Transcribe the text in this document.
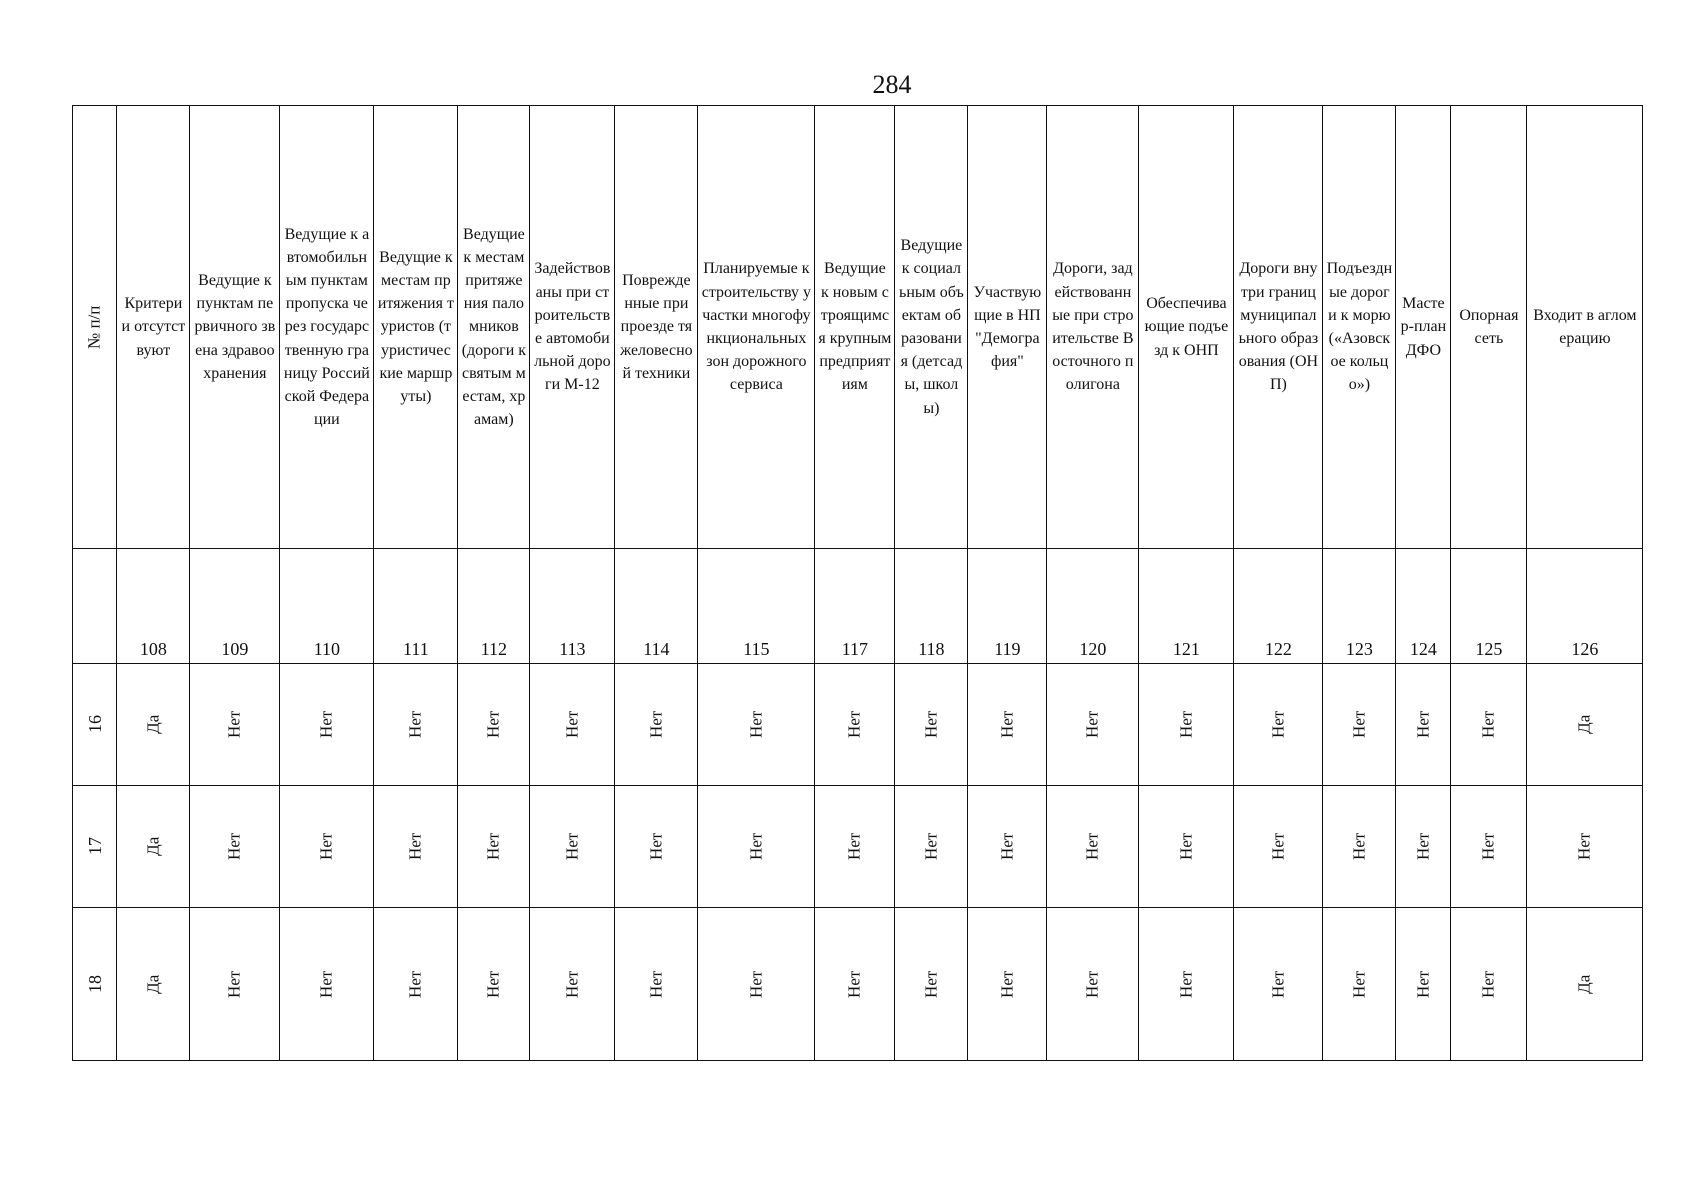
284
№ п/п	Критерии отсутствуют	Ведущие к пунктам первичного звена здравоохранения	Ведущие к автомобильным пунктам пропуска через государственную границу Российской Федерации	Ведущие к местам притяжения туристов (туристические маршруты)	Ведущие к местам притяжения паломников (дороги к святым местам, храмам)	Задействованы при строительстве автомобильной дороги М-12	Поврежденные при проезде тяжеловесной техники	Планируемые к строительству участки многофункциональных зон дорожного сервиса	Ведущие к новым строящимся крупным предприятиям	Ведущие к социальным объектам образования (детсады, школы)	Участвующие в НП "Демография"	Дороги, задействованные при строительстве Восточного полигона	Обеспечивающие подъезд к ОНП	Дороги внутри границ муниципального образования (ОНП)	Подъездные дороги к морю («Азовское кольцо»)	Мастер-план ДФО	Опорная сеть	Входит в агломерацию

	108	109	110	111	112	113	114	115	117	118	119	120	121	122	123	124	125	126
16	Да	Нет	Нет	Нет	Нет	Нет	Нет	Нет	Нет	Нет	Нет	Нет	Нет	Нет	Нет	Нет	Нет	Да
17	Да	Нет	Нет	Нет	Нет	Нет	Нет	Нет	Нет	Нет	Нет	Нет	Нет	Нет	Нет	Нет	Нет	Нет
18	Да	Нет	Нет	Нет	Нет	Нет	Нет	Нет	Нет	Нет	Нет	Нет	Нет	Нет	Нет	Нет	Нет	Да
